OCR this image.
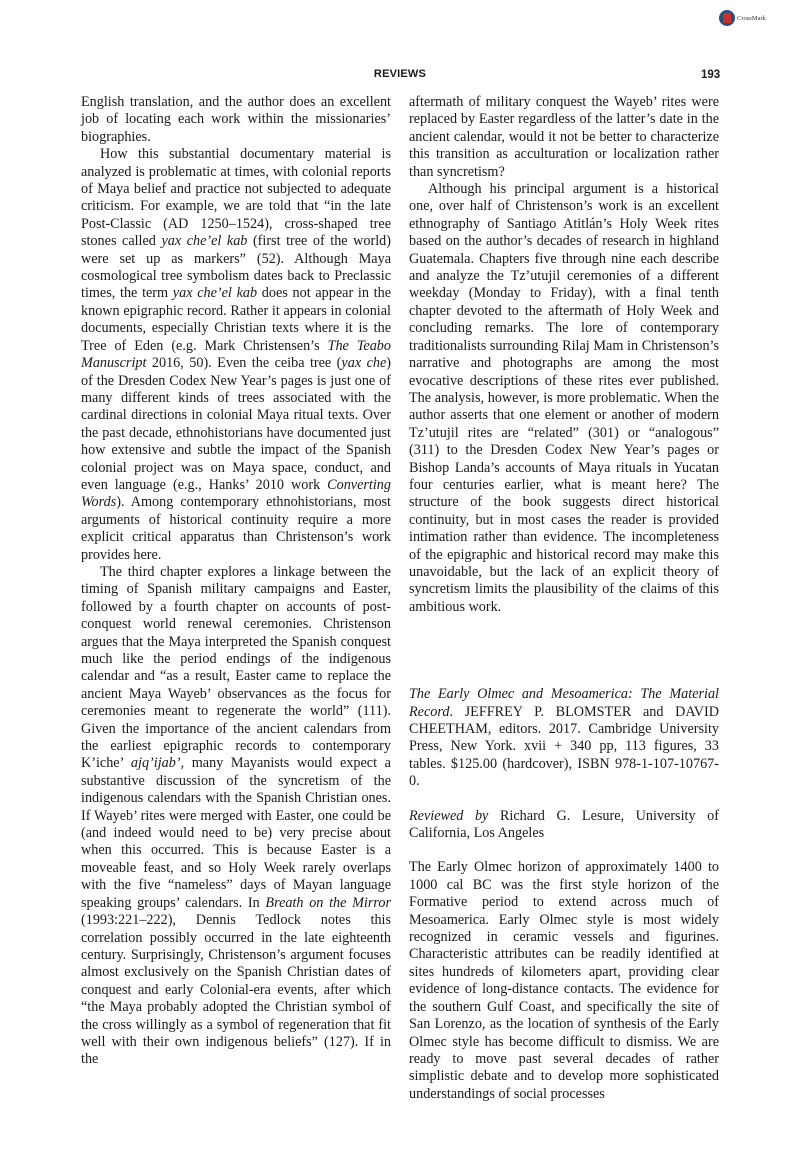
CrossMark
REVIEWS	193

English translation, and the author does an excellent job of locating each work within the missionaries’ biographies.

How this substantial documentary material is analyzed is problematic at times, with colonial reports of Maya belief and practice not subjected to adequate criticism. For example, we are told that “in the late Post-Classic (AD 1250–1524), cross-shaped tree stones called yax che’el kab (first tree of the world) were set up as markers” (52). Although Maya cosmological tree symbolism dates back to Preclassic times, the term yax che’el kab does not appear in the known epigraphic record. Rather it appears in colonial documents, especially Christian texts where it is the Tree of Eden (e.g. Mark Christensen’s The Teabo Manuscript 2016, 50). Even the ceiba tree (yax che) of the Dresden Codex New Year’s pages is just one of many different kinds of trees associated with the cardinal directions in colonial Maya ritual texts. Over the past decade, ethnohistorians have documented just how extensive and subtle the impact of the Spanish colonial project was on Maya space, conduct, and even language (e.g., Hanks’ 2010 work Converting Words). Among contemporary ethnohistorians, most arguments of historical continuity require a more explicit critical apparatus than Christenson’s work provides here.

The third chapter explores a linkage between the timing of Spanish military campaigns and Easter, followed by a fourth chapter on accounts of post-conquest world renewal ceremonies. Christenson argues that the Maya interpreted the Spanish conquest much like the period endings of the indigenous calendar and “as a result, Easter came to replace the ancient Maya Wayeb’ observances as the focus for ceremonies meant to regenerate the world” (111). Given the importance of the ancient calendars from the earliest epigraphic records to contemporary K’iche’ ajq’ijab’, many Mayanists would expect a substantive discussion of the syncretism of the indigenous calendars with the Spanish Christian ones. If Wayeb’ rites were merged with Easter, one could be (and indeed would need to be) very precise about when this occurred. This is because Easter is a moveable feast, and so Holy Week rarely overlaps with the five “nameless” days of Mayan language speaking groups’ calendars. In Breath on the Mirror (1993:221–222), Dennis Tedlock notes this correlation possibly occurred in the late eighteenth century. Surprisingly, Christenson’s argument focuses almost exclusively on the Spanish Christian dates of conquest and early Colonial-era events, after which “the Maya probably adopted the Christian symbol of the cross willingly as a symbol of regeneration that fit well with their own indigenous beliefs” (127). If in the

aftermath of military conquest the Wayeb’ rites were replaced by Easter regardless of the latter’s date in the ancient calendar, would it not be better to characterize this transition as acculturation or localization rather than syncretism?

Although his principal argument is a historical one, over half of Christenson’s work is an excellent ethnography of Santiago Atitlán’s Holy Week rites based on the author’s decades of research in highland Guatemala. Chapters five through nine each describe and analyze the Tz’utujil ceremonies of a different weekday (Monday to Friday), with a final tenth chapter devoted to the aftermath of Holy Week and concluding remarks. The lore of contemporary traditionalists surrounding Rilaj Mam in Christenson’s narrative and photographs are among the most evocative descriptions of these rites ever published. The analysis, however, is more problematic. When the author asserts that one element or another of modern Tz’utujil rites are “related” (301) or “analogous” (311) to the Dresden Codex New Year’s pages or Bishop Landa’s accounts of Maya rituals in Yucatan four centuries earlier, what is meant here? The structure of the book suggests direct historical continuity, but in most cases the reader is provided intimation rather than evidence. The incompleteness of the epigraphic and historical record may make this unavoidable, but the lack of an explicit theory of syncretism limits the plausibility of the claims of this ambitious work.

The Early Olmec and Mesoamerica: The Material Record. JEFFREY P. BLOMSTER and DAVID CHEETHAM, editors. 2017. Cambridge University Press, New York. xvii + 340 pp, 113 figures, 33 tables. $125.00 (hardcover), ISBN 978-1-107-10767-0.

Reviewed by Richard G. Lesure, University of California, Los Angeles

The Early Olmec horizon of approximately 1400 to 1000 cal BC was the first style horizon of the Formative period to extend across much of Mesoamerica. Early Olmec style is most widely recognized in ceramic vessels and figurines. Characteristic attributes can be readily identified at sites hundreds of kilometers apart, providing clear evidence of long-distance contacts. The evidence for the southern Gulf Coast, and specifically the site of San Lorenzo, as the location of synthesis of the Early Olmec style has become difficult to dismiss. We are ready to move past several decades of rather simplistic debate and to develop more sophisticated understandings of social processes
